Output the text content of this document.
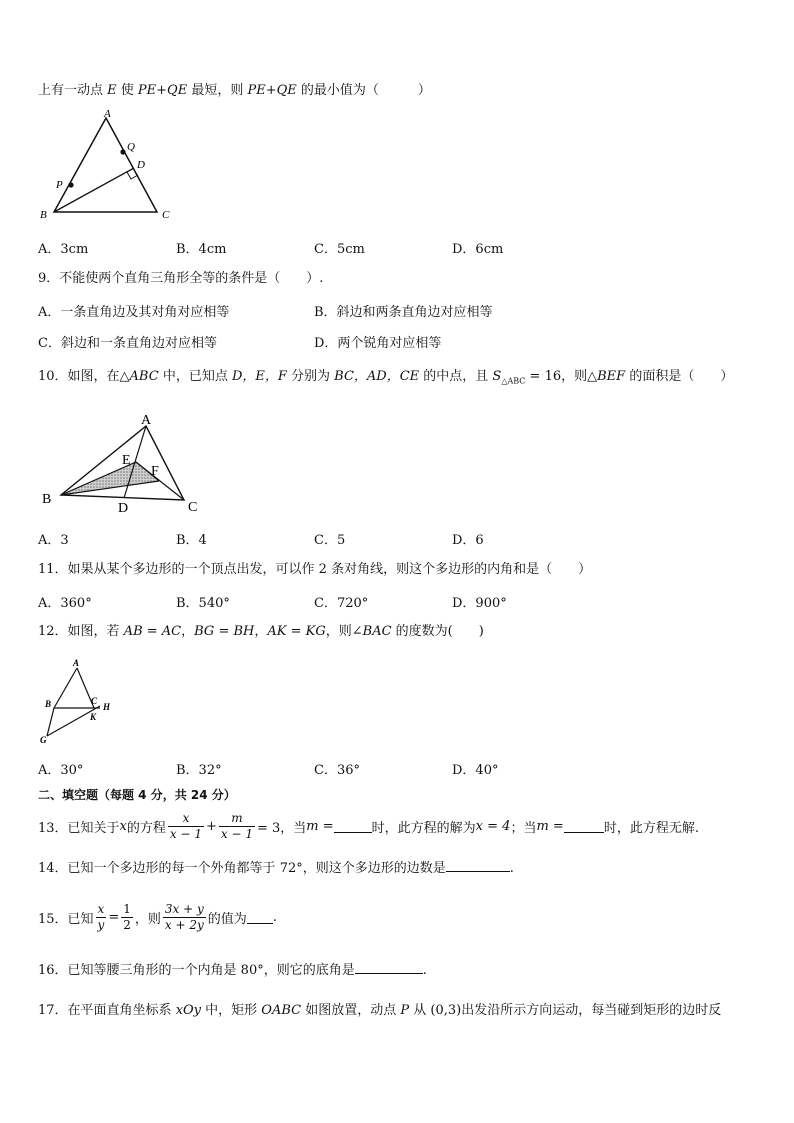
上有一动点 E 使 PE+QE 最短，则 PE+QE 的最小值为（　　　）
A
Q
D
P
B	C
A．3cm	B．4cm	C．5cm	D．6cm
9．不能使两个直角三角形全等的条件是（　　）.
A．一条直角边及其对角对应相等	B．斜边和两条直角边对应相等
C．斜边和一条直角边对应相等	D．两个锐角对应相等
10．如图，在△ABC 中，已知点 D，E，F 分别为 BC，AD，CE 的中点，且 $S_{\triangle ABC} = 16$，则△BEF 的面积是（　　）
A
E
F
B
D	C
A．3	B．4	C．5	D．6
11．如果从某个多边形的一个顶点出发，可以作 2 条对角线，则这个多边形的内角和是（　　）
A．360°	B．540°	C．720°	D．900°
12．如图，若 AB = AC，BG = BH，AK = KG，则∠BAC 的度数为(　　)
A
B	C
H
K
G
A．30°	B．32°	C．36°	D．40°
二、填空题（每题 4 分，共 24 分）
13．已知关于 x 的方程 $\frac{x}{x - 1} + \frac{m}{x - 1} = 3$，当 m =	时，此方程的解为 x = 4 ；当 m =	时，此方程无解.
14．已知一个多边形的每一个外角都等于 72°，则这个多边形的边数是	.
15．已知 $\frac{x}{y} = \frac{1}{2}$ ，则 $\frac{3x + y}{x + 2y}$ 的值为 .
16．已知等腰三角形的一个内角是 80°，则它的底角是	.
17．在平面直角坐标系 xOy 中，矩形 OABC 如图放置，动点 P 从 (0,3)出发沿所示方向运动，每当碰到矩形的边时反
